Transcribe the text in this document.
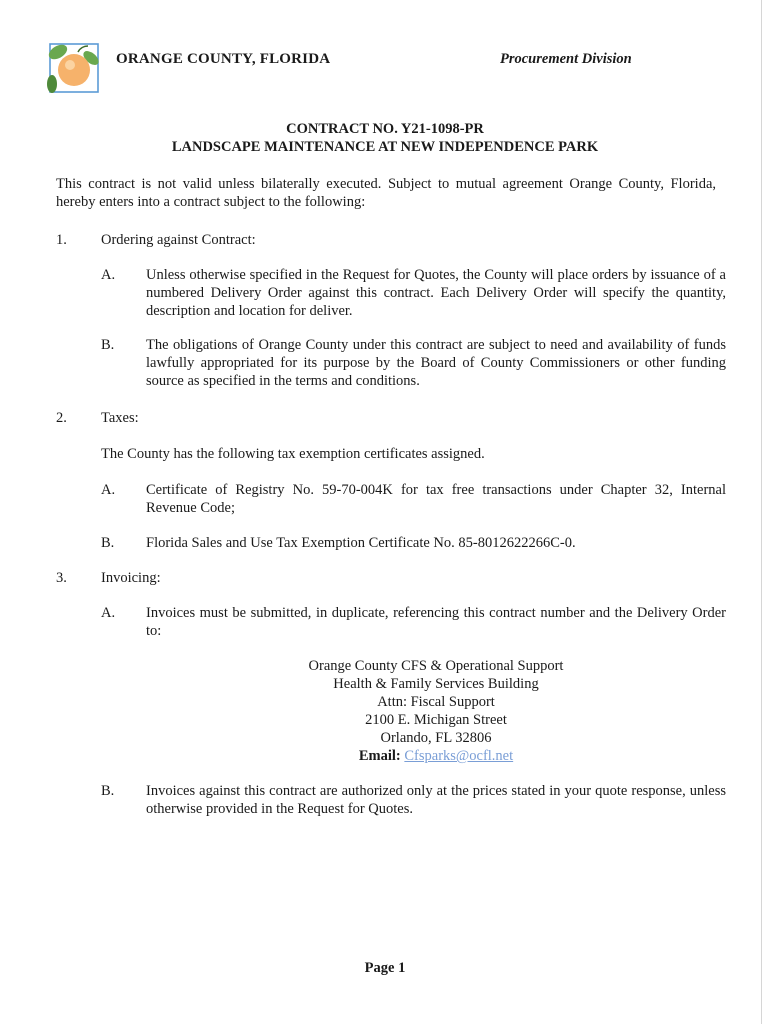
ORANGE COUNTY, FLORIDA	Procurement Division
CONTRACT NO. Y21-1098-PR
LANDSCAPE MAINTENANCE AT NEW INDEPENDENCE PARK
This contract is not valid unless bilaterally executed. Subject to mutual agreement Orange County, Florida, hereby enters into a contract subject to the following:
1. Ordering against Contract:
A. Unless otherwise specified in the Request for Quotes, the County will place orders by issuance of a numbered Delivery Order against this contract. Each Delivery Order will specify the quantity, description and location for deliver.
B. The obligations of Orange County under this contract are subject to need and availability of funds lawfully appropriated for its purpose by the Board of County Commissioners or other funding source as specified in the terms and conditions.
2. Taxes:
The County has the following tax exemption certificates assigned.
A. Certificate of Registry No. 59-70-004K for tax free transactions under Chapter 32, Internal Revenue Code;
B. Florida Sales and Use Tax Exemption Certificate No. 85-8012622266C-0.
3. Invoicing:
A. Invoices must be submitted, in duplicate, referencing this contract number and the Delivery Order to:
Orange County CFS & Operational Support
Health & Family Services Building
Attn: Fiscal Support
2100 E. Michigan Street
Orlando, FL 32806
Email: Cfsparks@ocfl.net
B. Invoices against this contract are authorized only at the prices stated in your quote response, unless otherwise provided in the Request for Quotes.
Page 1
